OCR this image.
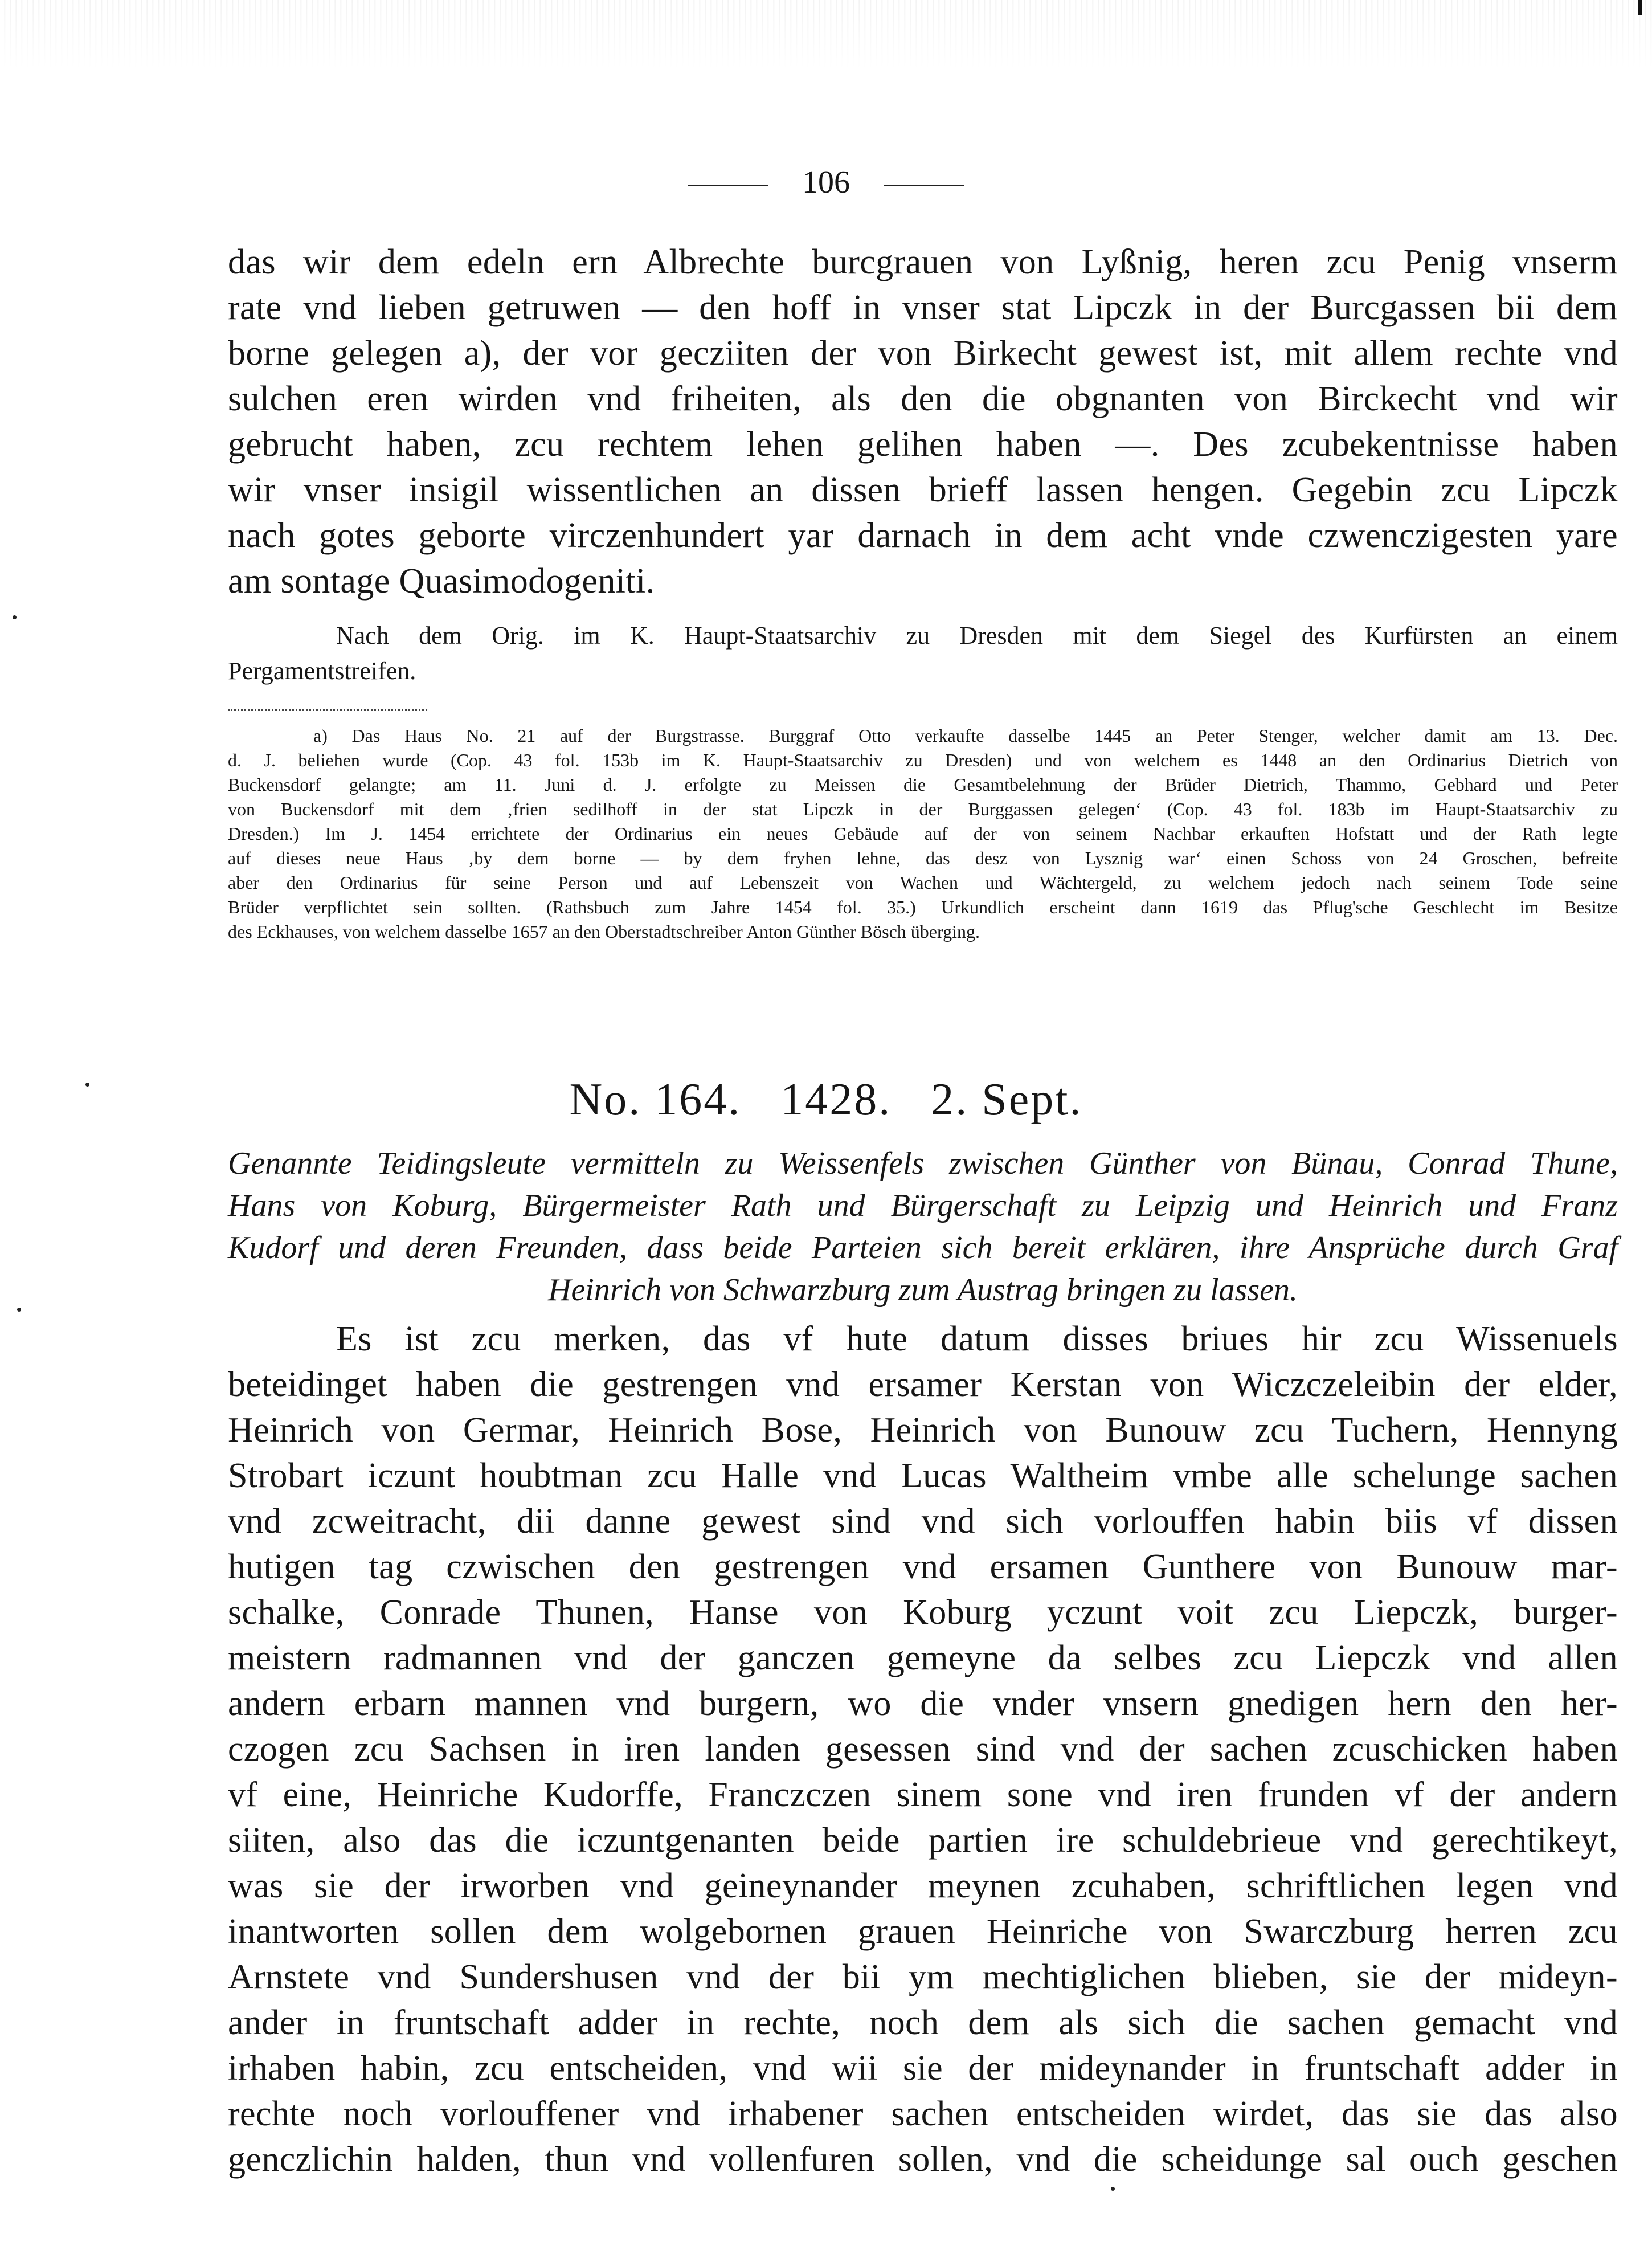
106
das wir dem edeln ern Albrechte burcgrauen von Lyßnig, heren zcu Penig vnserm
rate vnd lieben getruwen — den hoff in vnser stat Lipczk in der Burcgassen bii dem
borne gelegen a), der vor gecziiten der von Birkecht gewest ist, mit allem rechte vnd
sulchen eren wirden vnd friheiten, als den die obgnanten von Birckecht vnd wir
gebrucht haben, zcu rechtem lehen gelihen haben —. Des zcubekentnisse haben
wir vnser insigil wissentlichen an dissen brieff lassen hengen. Gegebin zcu Lipczk
nach gotes geborte virczenhundert yar darnach in dem acht vnde czwenczigesten yare
am sontage Quasimodogeniti.
Nach dem Orig. im K. Haupt-Staatsarchiv zu Dresden mit dem Siegel des Kurfürsten an einem
Pergamentstreifen.
a) Das Haus No. 21 auf der Burgstrasse. Burggraf Otto verkaufte dasselbe 1445 an Peter Stenger, welcher damit am 13. Dec.
d. J. beliehen wurde (Cop. 43 fol. 153b im K. Haupt-Staatsarchiv zu Dresden) und von welchem es 1448 an den Ordinarius Dietrich von
Buckensdorf gelangte; am 11. Juni d. J. erfolgte zu Meissen die Gesamtbelehnung der Brüder Dietrich, Thammo, Gebhard und Peter
von Buckensdorf mit dem ‚frien sedilhoff in der stat Lipczk in der Burggassen gelegen‘ (Cop. 43 fol. 183b im Haupt-Staatsarchiv zu
Dresden.) Im J. 1454 errichtete der Ordinarius ein neues Gebäude auf der von seinem Nachbar erkauften Hofstatt und der Rath legte
auf dieses neue Haus ‚by dem borne — by dem fryhen lehne, das desz von Lysznig war‘ einen Schoss von 24 Groschen, befreite
aber den Ordinarius für seine Person und auf Lebenszeit von Wachen und Wächtergeld, zu welchem jedoch nach seinem Tode seine
Brüder verpflichtet sein sollten. (Rathsbuch zum Jahre 1454 fol. 35.) Urkundlich erscheint dann 1619 das Pflug'sche Geschlecht im Besitze
des Eckhauses, von welchem dasselbe 1657 an den Oberstadtschreiber Anton Günther Bösch überging.
No. 164.   1428.   2. Sept.
Genannte Teidingsleute vermitteln zu Weissenfels zwischen Günther von Bünau, Conrad Thune,
Hans von Koburg, Bürgermeister Rath und Bürgerschaft zu Leipzig und Heinrich und Franz
Kudorf und deren Freunden, dass beide Parteien sich bereit erklären, ihre Ansprüche durch Graf
Heinrich von Schwarzburg zum Austrag bringen zu lassen.
Es ist zcu merken, das vf hute datum disses briues hir zcu Wissenuels
beteidinget haben die gestrengen vnd ersamer Kerstan von Wiczczeleibin der elder,
Heinrich von Germar, Heinrich Bose, Heinrich von Bunouw zcu Tuchern, Hennyng
Strobart iczunt houbtman zcu Halle vnd Lucas Waltheim vmbe alle schelunge sachen
vnd zcweitracht, dii danne gewest sind vnd sich vorlouffen habin biis vf dissen
hutigen tag czwischen den gestrengen vnd ersamen Gunthere von Bunouw mar-
schalke, Conrade Thunen, Hanse von Koburg yczunt voit zcu Liepczk, burger-
meistern radmannen vnd der ganczen gemeyne da selbes zcu Liepczk vnd allen
andern erbarn mannen vnd burgern, wo die vnder vnsern gnedigen hern den her-
czogen zcu Sachsen in iren landen gesessen sind vnd der sachen zcuschicken haben
vf eine, Heinriche Kudorffe, Franczczen sinem sone vnd iren frunden vf der andern
siiten, also das die iczuntgenanten beide partien ire schuldebrieue vnd gerechtikeyt,
was sie der irworben vnd geineynander meynen zcuhaben, schriftlichen legen vnd
inantworten sollen dem wolgebornen grauen Heinriche von Swarczburg herren zcu
Arnstete vnd Sundershusen vnd der bii ym mechtiglichen blieben, sie der mideyn-
ander in fruntschaft adder in rechte, noch dem als sich die sachen gemacht vnd
irhaben habin, zcu entscheiden, vnd wii sie der mideynander in fruntschaft adder in
rechte noch vorlouffener vnd irhabener sachen entscheiden wirdet, das sie das also
genczlichin halden, thun vnd vollenfuren sollen, vnd die scheidunge sal ouch geschen
